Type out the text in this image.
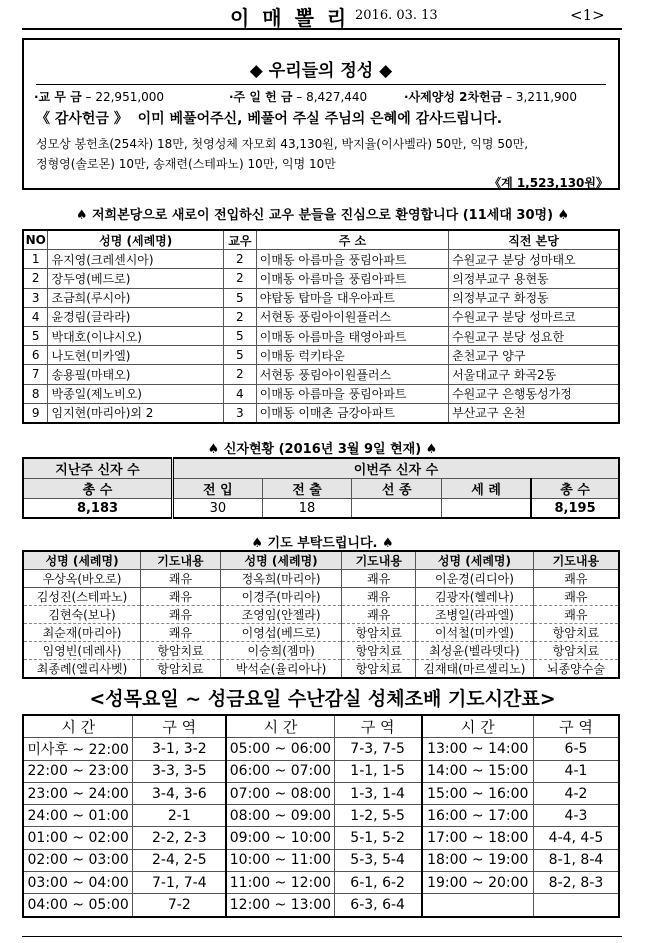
이 매 뽈 리 2016. 03. 13	<1>
◆ 우리들의 정성 ◆
·교 무 금 – 22,951,000	·주 일 헌 금 – 8,427,440	·사제양성 2차헌금 – 3,211,900
《 감사헌금 》 이미 베풀어주신, 베풀어 주실 주님의 은혜에 감사드립니다.
성모상 봉헌초(254차) 18만, 첫영성체 자모회 43,130원, 박지율(이사벨라) 50만, 익명 50만,
정형영(솔로몬) 10만, 송재련(스테파노) 10만, 익명 10만
《계 1,523,130원》
♠ 저희본당으로 새로이 전입하신 교우 분들을 진심으로 환영합니다 (11세대 30명) ♠
NO	성명 (세례명)	교우	주 소	직전 본당
1	유지영(크레센시아)	2	이매동 아름마을 풍림아파트	수원교구 분당 성마태오
2	장두영(베드로)	2	이매동 아름마을 풍림아파트	의정부교구 용현동
3	조금희(루시아)	5	야탑동 탑마을 대우아파트	의정부교구 화정동
4	윤경림(글라라)	2	서현동 풍림아이원플러스	수원교구 분당 성마르코
5	박대호(이냐시오)	5	이매동 아름마을 태영아파트	수원교구 분당 성요한
6	나도현(미카엘)	5	이매동 럭키타운	춘천교구 양구
7	송용필(마태오)	2	서현동 풍림아이원플러스	서울대교구 화곡2동
8	박종일(제노비오)	4	이매동 아름마을 풍림아파트	수원교구 은행동성가정
9	임지현(마리아)외 2	3	이매동 이매촌 금강아파트	부산교구 온천
♠ 신자현황 (2016년 3월 9일 현재) ♠
지난주 신자 수	이번주 신자 수				
총 수	전 입	전 출	선 종	세 례	총 수
8,183	30	18			8,195
♠ 기도 부탁드립니다. ♠
성명 (세례명)	기도내용	성명 (세례명)	기도내용	성명 (세례명)	기도내용
우상옥(바오로)	쾌유	정옥희(마리아)	쾌유	이운경(리디아)	쾌유
김성진(스테파노)	쾌유	이경주(마리아)	쾌유	김광자(헬레나)	쾌유
김현숙(보나)	쾌유	조영임(안젤라)	쾌유	조병일(라파엘)	쾌유
최순재(마리아)	쾌유	이영섭(베드로)	항암치료	이석철(미카엘)	항암치료
임영빈(데레사)	항암치료	이승희(젬마)	항암치료	최성윤(벨라뎃다)	항암치료
최종례(엘리사벳)	항암치료	박석순(율리아나)	항암치료	김재태(마르셀리노)	뇌종양수술
<성목요일 ~ 성금요일 수난감실 성체조배 기도시간표>
시 간	구 역	시 간	구 역	시 간	구 역
미사후 ~ 22:00	3-1, 3-2	05:00 ~ 06:00	7-3, 7-5	13:00 ~ 14:00	6-5
22:00 ~ 23:00	3-3, 3-5	06:00 ~ 07:00	1-1, 1-5	14:00 ~ 15:00	4-1
23:00 ~ 24:00	3-4, 3-6	07:00 ~ 08:00	1-3, 1-4	15:00 ~ 16:00	4-2
24:00 ~ 01:00	2-1	08:00 ~ 09:00	1-2, 5-5	16:00 ~ 17:00	4-3
01:00 ~ 02:00	2-2, 2-3	09:00 ~ 10:00	5-1, 5-2	17:00 ~ 18:00	4-4, 4-5
02:00 ~ 03:00	2-4, 2-5	10:00 ~ 11:00	5-3, 5-4	18:00 ~ 19:00	8-1, 8-4
03:00 ~ 04:00	7-1, 7-4	11:00 ~ 12:00	6-1, 6-2	19:00 ~ 20:00	8-2, 8-3
04:00 ~ 05:00	7-2	12:00 ~ 13:00	6-3, 6-4		
